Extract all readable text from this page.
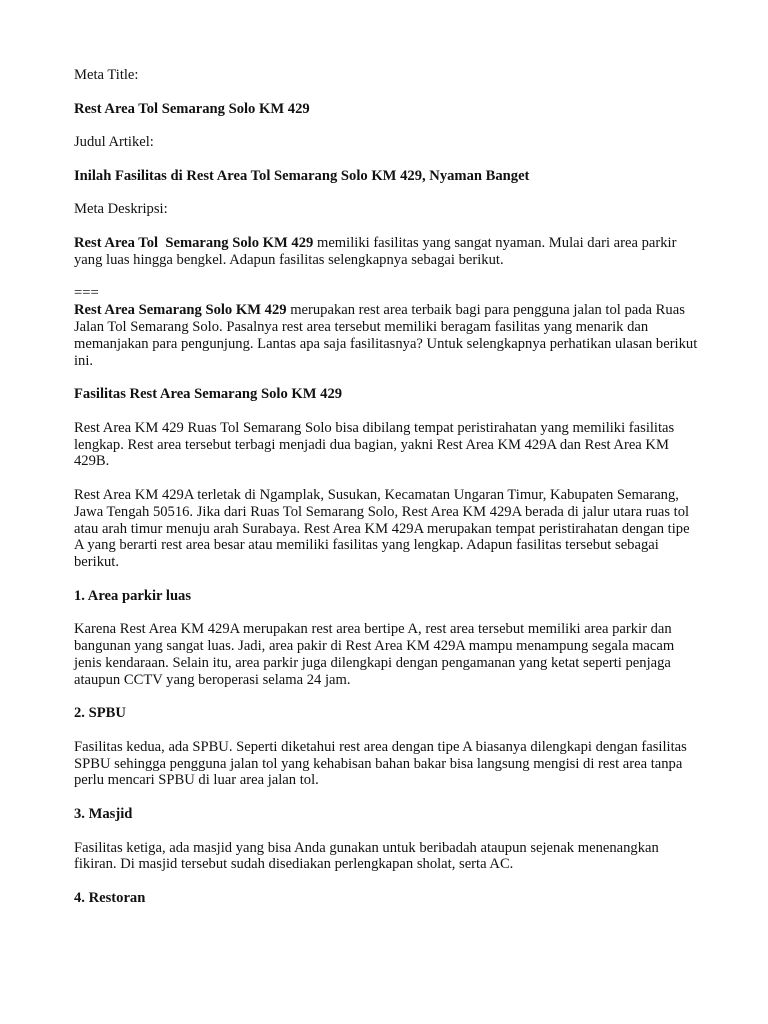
Meta Title:

Rest Area Tol Semarang Solo KM 429

Judul Artikel:

Inilah Fasilitas di Rest Area Tol Semarang Solo KM 429, Nyaman Banget

Meta Deskripsi:

Rest Area Tol  Semarang Solo KM 429 memiliki fasilitas yang sangat nyaman. Mulai dari area parkir yang luas hingga bengkel. Adapun fasilitas selengkapnya sebagai berikut.

===

Rest Area Semarang Solo KM 429 merupakan rest area terbaik bagi para pengguna jalan tol pada Ruas Jalan Tol Semarang Solo. Pasalnya rest area tersebut memiliki beragam fasilitas yang menarik dan memanjakan para pengunjung. Lantas apa saja fasilitasnya? Untuk selengkapnya perhatikan ulasan berikut ini.

Fasilitas Rest Area Semarang Solo KM 429

Rest Area KM 429 Ruas Tol Semarang Solo bisa dibilang tempat peristirahatan yang memiliki fasilitas lengkap. Rest area tersebut terbagi menjadi dua bagian, yakni Rest Area KM 429A dan Rest Area KM 429B.

Rest Area KM 429A terletak di Ngamplak, Susukan, Kecamatan Ungaran Timur, Kabupaten Semarang, Jawa Tengah 50516. Jika dari Ruas Tol Semarang Solo, Rest Area KM 429A berada di jalur utara ruas tol atau arah timur menuju arah Surabaya. Rest Area KM 429A merupakan tempat peristirahatan dengan tipe A yang berarti rest area besar atau memiliki fasilitas yang lengkap. Adapun fasilitas tersebut sebagai berikut.

1. Area parkir luas

Karena Rest Area KM 429A merupakan rest area bertipe A, rest area tersebut memiliki area parkir dan bangunan yang sangat luas. Jadi, area pakir di Rest Area KM 429A mampu menampung segala macam jenis kendaraan. Selain itu, area parkir juga dilengkapi dengan pengamanan yang ketat seperti penjaga ataupun CCTV yang beroperasi selama 24 jam.

2. SPBU

Fasilitas kedua, ada SPBU. Seperti diketahui rest area dengan tipe A biasanya dilengkapi dengan fasilitas SPBU sehingga pengguna jalan tol yang kehabisan bahan bakar bisa langsung mengisi di rest area tanpa perlu mencari SPBU di luar area jalan tol.

3. Masjid

Fasilitas ketiga, ada masjid yang bisa Anda gunakan untuk beribadah ataupun sejenak menenangkan fikiran. Di masjid tersebut sudah disediakan perlengkapan sholat, serta AC.

4. Restoran
